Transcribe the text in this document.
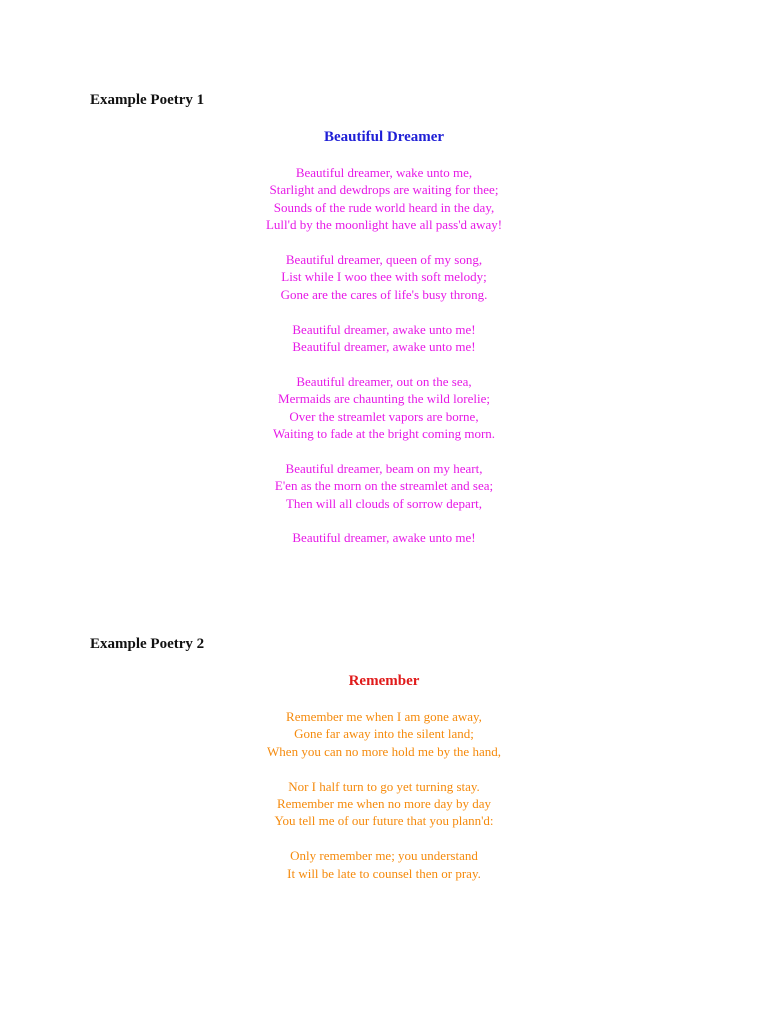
Example Poetry 1
Beautiful Dreamer
Beautiful dreamer, wake unto me,
Starlight and dewdrops are waiting for thee;
Sounds of the rude world heard in the day,
Lull'd by the moonlight have all pass'd away!
Beautiful dreamer, queen of my song,
List while I woo thee with soft melody;
Gone are the cares of life's busy throng.
Beautiful dreamer, awake unto me!
Beautiful dreamer, awake unto me!
Beautiful dreamer, out on the sea,
Mermaids are chaunting the wild lorelie;
Over the streamlet vapors are borne,
Waiting to fade at the bright coming morn.
Beautiful dreamer, beam on my heart,
E'en as the morn on the streamlet and sea;
Then will all clouds of sorrow depart,
Beautiful dreamer, awake unto me!
Example Poetry 2
Remember
Remember me when I am gone away,
Gone far away into the silent land;
When you can no more hold me by the hand,
Nor I half turn to go yet turning stay.
Remember me when no more day by day
You tell me of our future that you plann'd:
Only remember me; you understand
It will be late to counsel then or pray.
